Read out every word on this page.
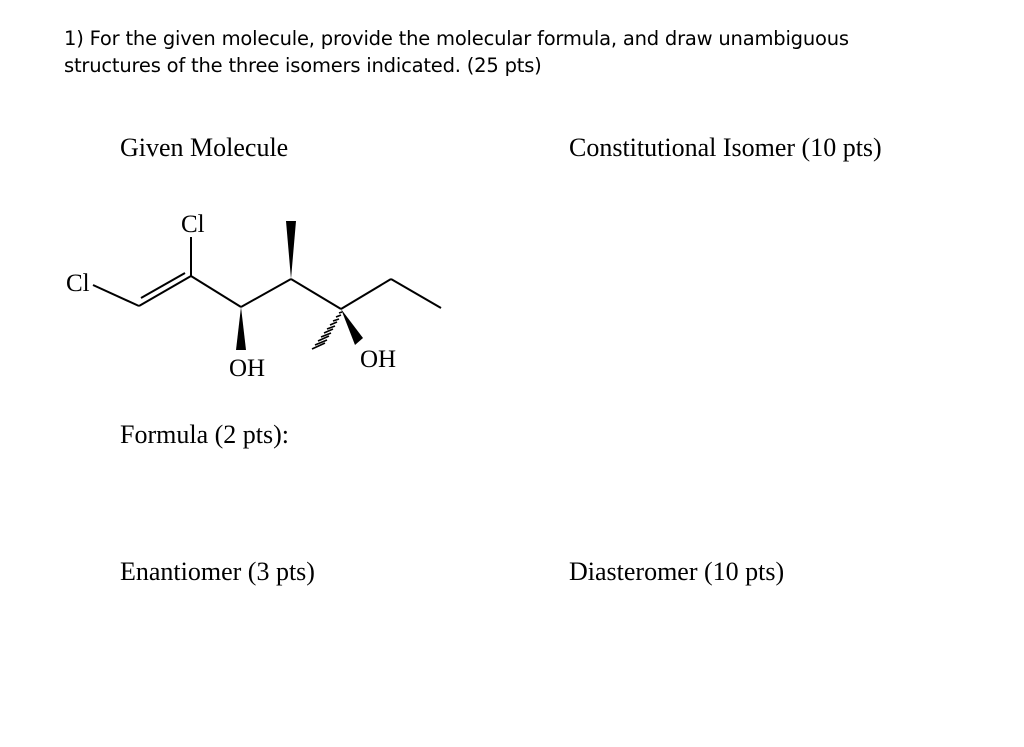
1) For the given molecule, provide the molecular formula, and draw unambiguous

structures of the three isomers indicated. (25 pts)

Given Molecule	Constitutional Isomer (10 pts)
Formula (2 pts):
Enantiomer (3 pts)	Diasteromer (10 pts)
Cl
Cl
OH	OH
